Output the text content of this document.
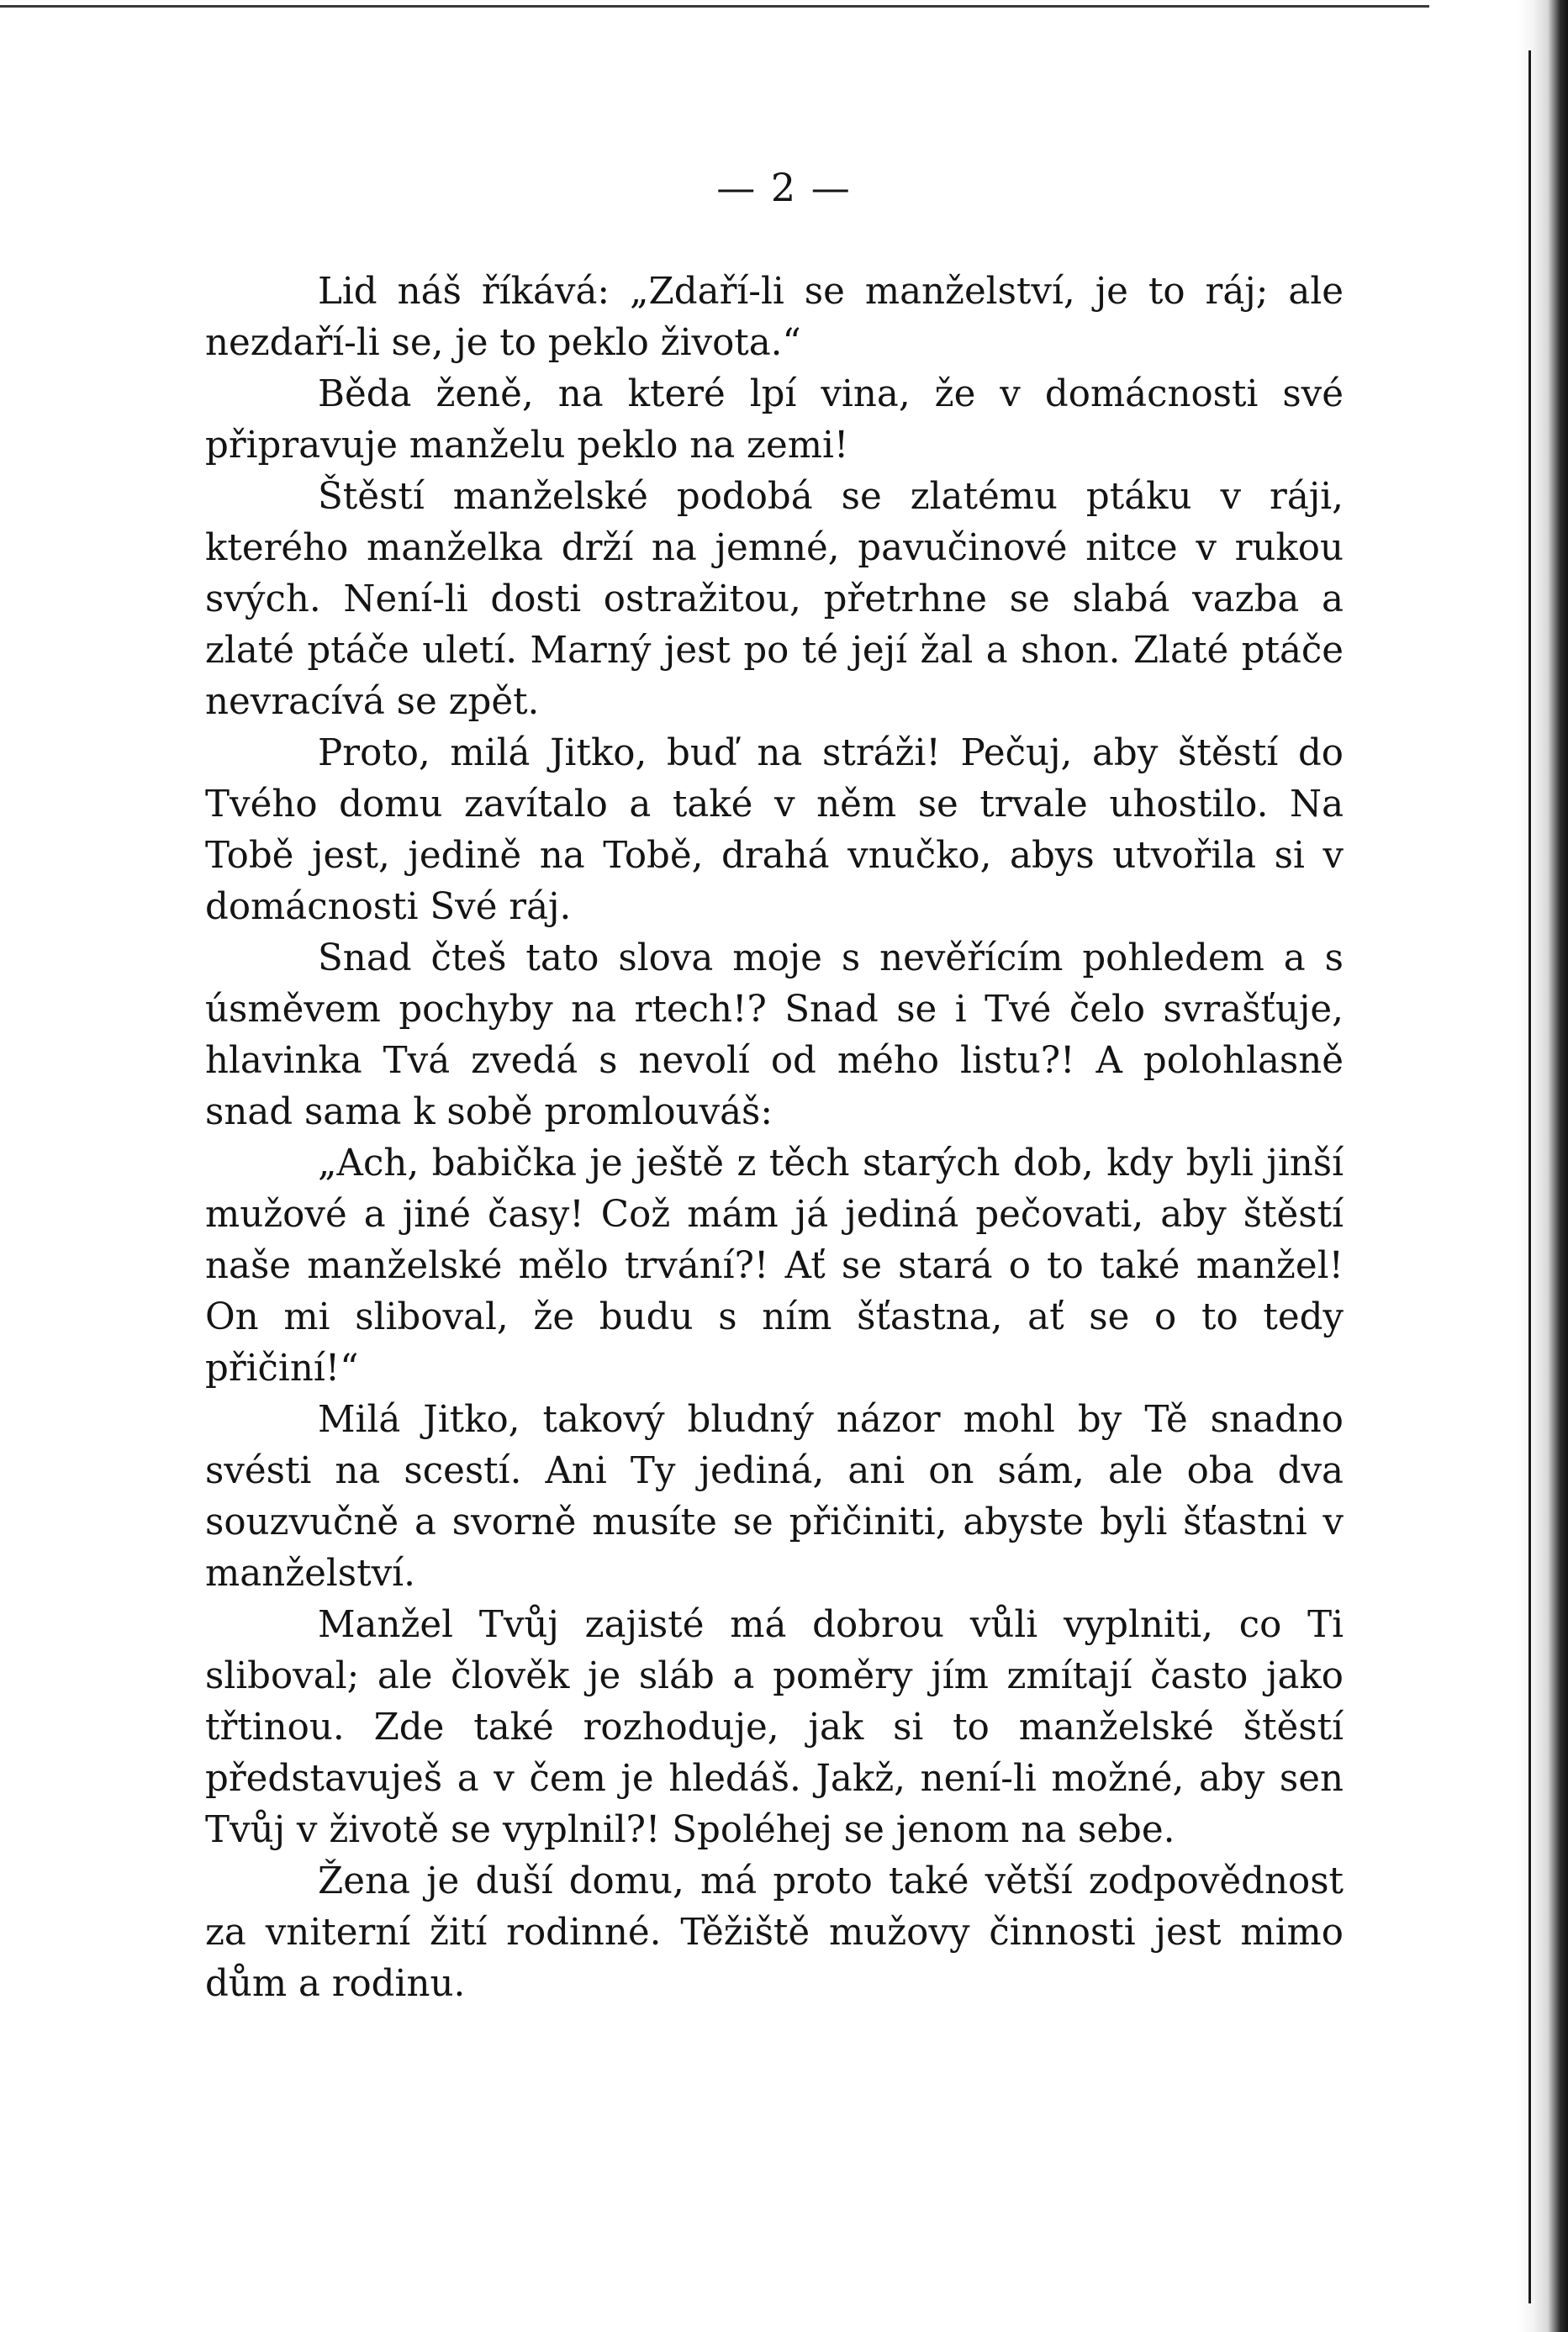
— 2 —

Lid náš říkává: „Zdaří-li se manželství, je to ráj; ale nezdaří-li se, je to peklo života.“

Běda ženě, na které lpí vina, že v domácnosti své připravuje manželu peklo na zemi!

Štěstí manželské podobá se zlatému ptáku v ráji, kterého manželka drží na jemné, pavučinové nitce v rukou svých. Není-li dosti ostražitou, přetrhne se slabá vazba a zlaté ptáče uletí. Marný jest po té její žal a shon. Zlaté ptáče nevracívá se zpět.

Proto, milá Jitko, buď na stráži! Pečuj, aby štěstí do Tvého domu zavítalo a také v něm se trvale uhostilo. Na Tobě jest, jedině na Tobě, drahá vnučko, abys utvořila si v domácnosti Své ráj.

Snad čteš tato slova moje s nevěřícím pohledem a s úsměvem pochyby na rtech!? Snad se i Tvé čelo svrašťuje, hlavinka Tvá zvedá s nevolí od mého listu?! A polohlasně snad sama k sobě promlouváš:

„Ach, babička je ještě z těch starých dob, kdy byli jinší mužové a jiné časy! Což mám já jediná pečovati, aby štěstí naše manželské mělo trvání?! Ať se stará o to také manžel! On mi sliboval, že budu s ním šťastna, ať se o to tedy přičiní!“

Milá Jitko, takový bludný názor mohl by Tě snadno svésti na scestí. Ani Ty jediná, ani on sám, ale oba dva souzvučně a svorně musíte se přičiniti, abyste byli šťastni v manželství.

Manžel Tvůj zajisté má dobrou vůli vyplniti, co Ti sliboval; ale člověk je sláb a poměry jím zmítají často jako třtinou. Zde také rozhoduje, jak si to manželské štěstí představuješ a v čem je hledáš. Jakž, není-li možné, aby sen Tvůj v životě se vyplnil?! Spoléhej se jenom na sebe.

Žena je duší domu, má proto také větší zodpovědnost za vniterní žití rodinné. Těžiště mužovy činnosti jest mimo dům a rodinu.
